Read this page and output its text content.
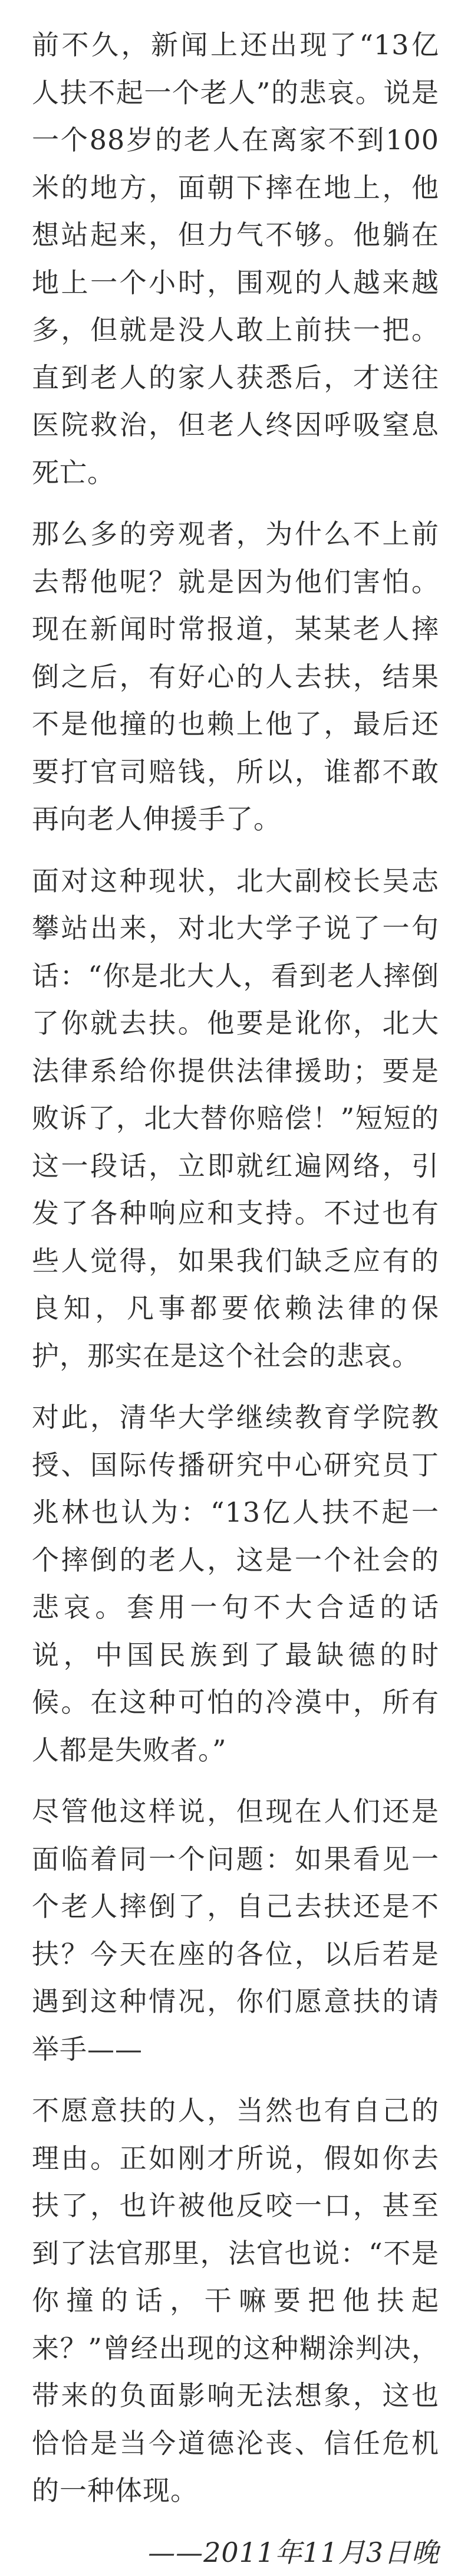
前不久，新闻上还出现了“13亿人扶不起一个老人”的悲哀。说是一个88岁的老人在离家不到100米的地方，面朝下摔在地上，他想站起来，但力气不够。他躺在地上一个小时，围观的人越来越多，但就是没人敢上前扶一把。直到老人的家人获悉后，才送往医院救治，但老人终因呼吸窒息死亡。

那么多的旁观者，为什么不上前去帮他呢？就是因为他们害怕。现在新闻时常报道，某某老人摔倒之后，有好心的人去扶，结果不是他撞的也赖上他了，最后还要打官司赔钱，所以，谁都不敢再向老人伸援手了。

面对这种现状，北大副校长吴志攀站出来，对北大学子说了一句话：“你是北大人，看到老人摔倒了你就去扶。他要是讹你，北大法律系给你提供法律援助；要是败诉了，北大替你赔偿！”短短的这一段话，立即就红遍网络，引发了各种响应和支持。不过也有些人觉得，如果我们缺乏应有的良知，凡事都要依赖法律的保护，那实在是这个社会的悲哀。

对此，清华大学继续教育学院教授、国际传播研究中心研究员丁兆林也认为：“13亿人扶不起一个摔倒的老人，这是一个社会的悲哀。套用一句不大合适的话说，中国民族到了最缺德的时候。在这种可怕的冷漠中，所有人都是失败者。”

尽管他这样说，但现在人们还是面临着同一个问题：如果看见一个老人摔倒了，自己去扶还是不扶？今天在座的各位，以后若是遇到这种情况，你们愿意扶的请举手——

不愿意扶的人，当然也有自己的理由。正如刚才所说，假如你去扶了，也许被他反咬一口，甚至到了法官那里，法官也说：“不是你撞的话，干嘛要把他扶起来？”曾经出现的这种糊涂判决，带来的负面影响无法想象，这也恰恰是当今道德沦丧、信任危机的一种体现。

——2011年11月3日晚
